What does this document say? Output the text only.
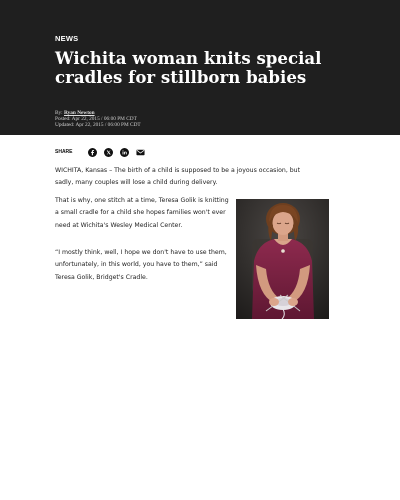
NEWS
Wichita woman knits special cradles for stillborn babies
By: Ryan Newton
Posted: Apr 22, 2015 / 06:00 PM CDT
Updated: Apr 22, 2015 / 06:00 PM CDT
SHARE

WICHITA, Kansas – The birth of a child is supposed to be a joyous occasion, but sadly, many couples will lose a child during delivery.

That is why, one stitch at a time, Teresa Golik is knitting a small cradle for a child she hopes families won't ever need at Wichita's Wesley Medical Center.

“I mostly think, well, I hope we don't have to use them, unfortunately, in this world, you have to them,” said Teresa Golik, Bridget's Cradle.
